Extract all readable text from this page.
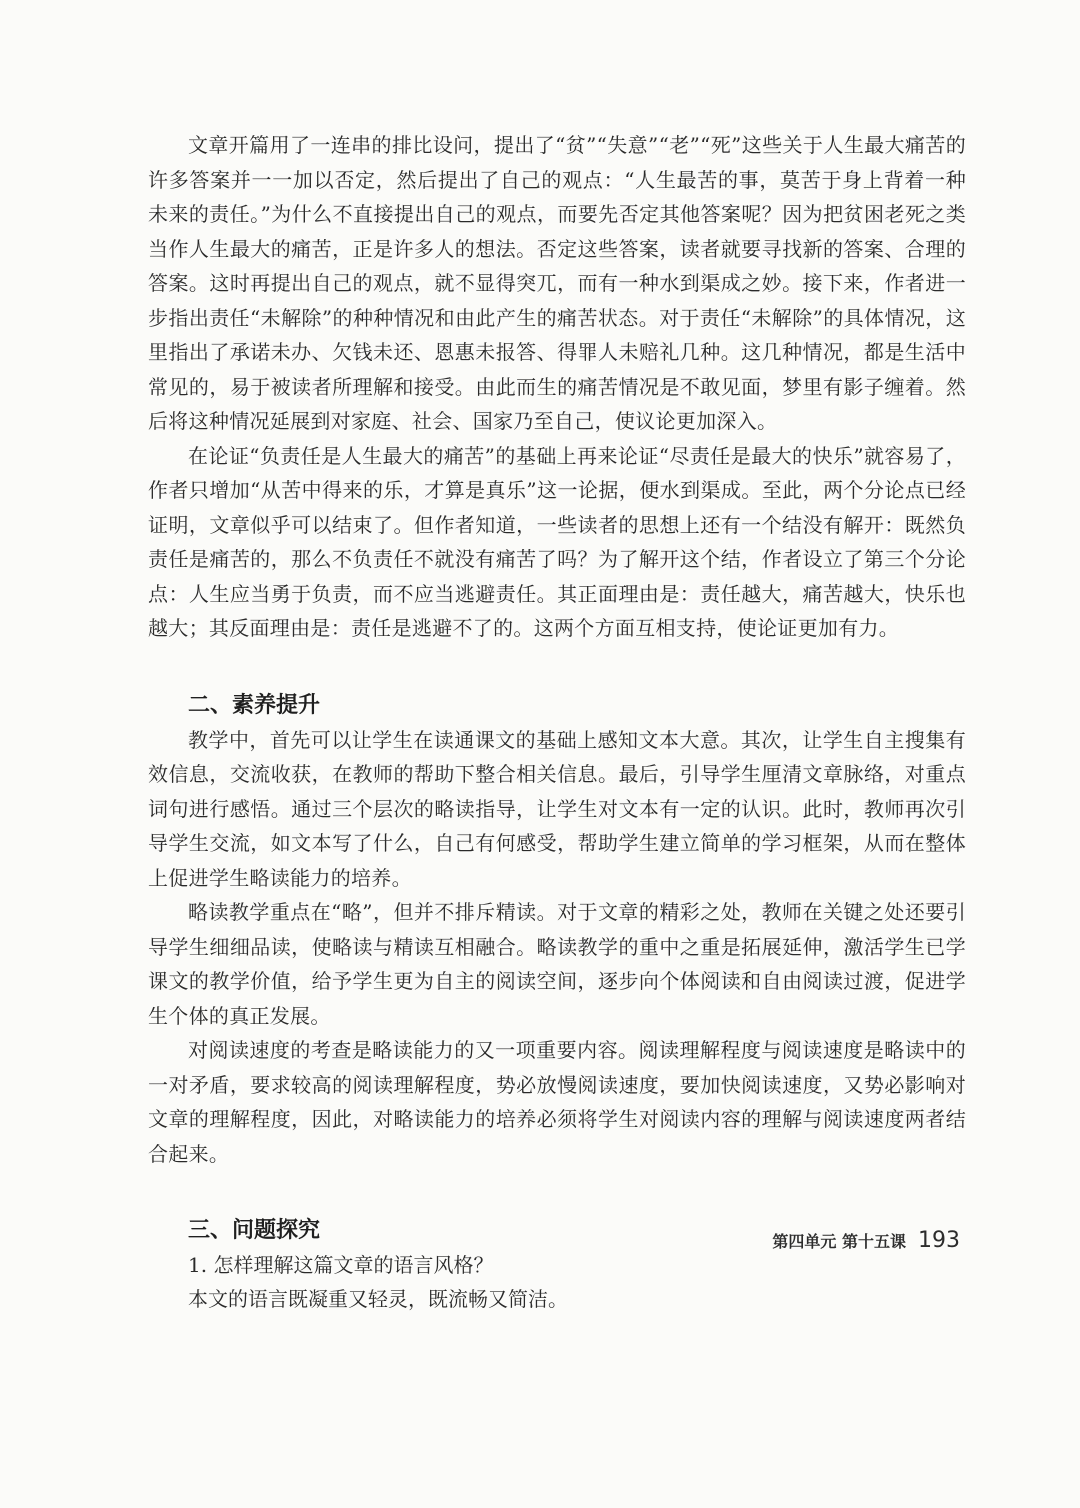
文章开篇用了一连串的排比设问，提出了“贫”“失意”“老”“死”这些关于人生最大痛苦的许多答案并一一加以否定，然后提出了自己的观点：“人生最苦的事，莫苦于身上背着一种未来的责任。”为什么不直接提出自己的观点，而要先否定其他答案呢？因为把贫困老死之类当作人生最大的痛苦，正是许多人的想法。否定这些答案，读者就要寻找新的答案、合理的答案。这时再提出自己的观点，就不显得突兀，而有一种水到渠成之妙。接下来，作者进一步指出责任“未解除”的种种情况和由此产生的痛苦状态。对于责任“未解除”的具体情况，这里指出了承诺未办、欠钱未还、恩惠未报答、得罪人未赔礼几种。这几种情况，都是生活中常见的，易于被读者所理解和接受。由此而生的痛苦情况是不敢见面，梦里有影子缠着。然后将这种情况延展到对家庭、社会、国家乃至自己，使议论更加深入。

在论证“负责任是人生最大的痛苦”的基础上再来论证“尽责任是最大的快乐”就容易了，作者只增加“从苦中得来的乐，才算是真乐”这一论据，便水到渠成。至此，两个分论点已经证明，文章似乎可以结束了。但作者知道，一些读者的思想上还有一个结没有解开：既然负责任是痛苦的，那么不负责任不就没有痛苦了吗？为了解开这个结，作者设立了第三个分论点：人生应当勇于负责，而不应当逃避责任。其正面理由是：责任越大，痛苦越大，快乐也越大；其反面理由是：责任是逃避不了的。这两个方面互相支持，使论证更加有力。

二、素养提升

教学中，首先可以让学生在读通课文的基础上感知文本大意。其次，让学生自主搜集有效信息，交流收获，在教师的帮助下整合相关信息。最后，引导学生厘清文章脉络，对重点词句进行感悟。通过三个层次的略读指导，让学生对文本有一定的认识。此时，教师再次引导学生交流，如文本写了什么，自己有何感受，帮助学生建立简单的学习框架，从而在整体上促进学生略读能力的培养。

略读教学重点在“略”，但并不排斥精读。对于文章的精彩之处，教师在关键之处还要引导学生细细品读，使略读与精读互相融合。略读教学的重中之重是拓展延伸，激活学生已学课文的教学价值，给予学生更为自主的阅读空间，逐步向个体阅读和自由阅读过渡，促进学生个体的真正发展。

对阅读速度的考查是略读能力的又一项重要内容。阅读理解程度与阅读速度是略读中的一对矛盾，要求较高的阅读理解程度，势必放慢阅读速度，要加快阅读速度，又势必影响对文章的理解程度，因此，对略读能力的培养必须将学生对阅读内容的理解与阅读速度两者结合起来。

三、问题探究

1. 怎样理解这篇文章的语言风格？

本文的语言既凝重又轻灵，既流畅又简洁。

第四单元 第十五课 193
